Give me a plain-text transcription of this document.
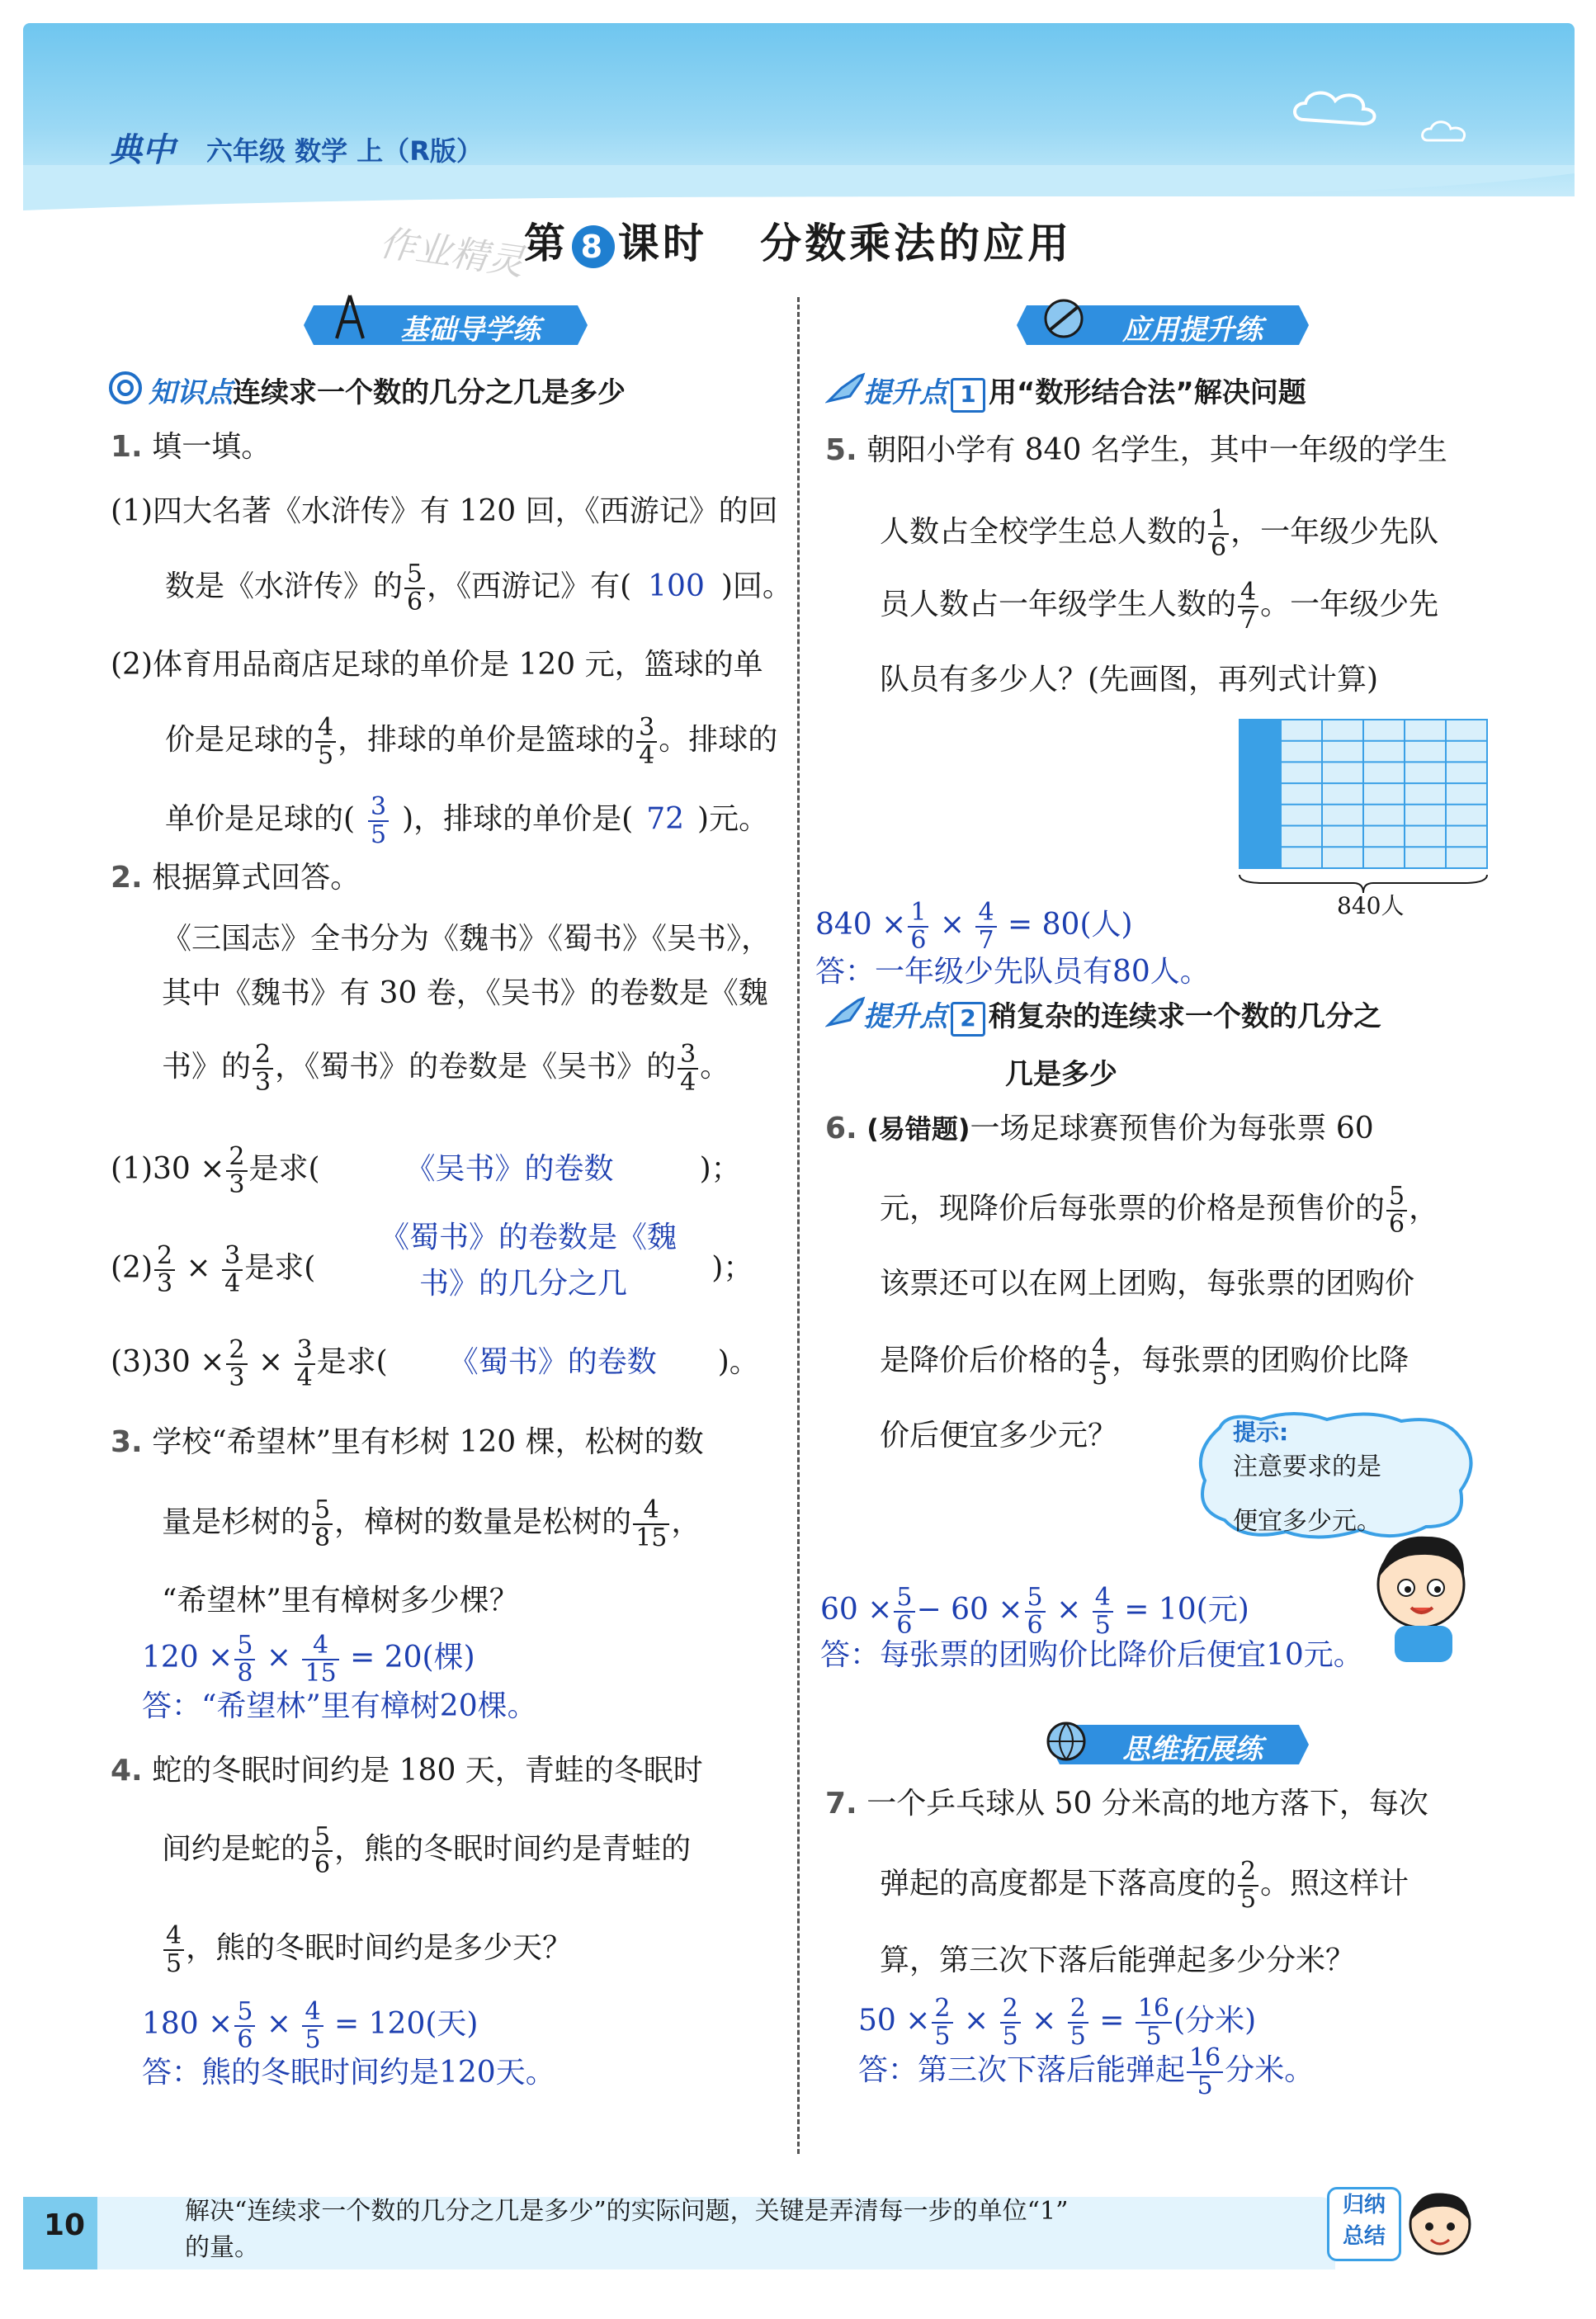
典中 六年级 数学 上（R版）
第 8 课时 分数乘法的应用
作业精灵
基础导学练	应用提升练
知识点连续求一个数的几分之几是多少
1. 填一填。
(1)四大名著《水浒传》有 120 回，《西游记》的回
数是《水浒传》的 $\frac{5}{6}$ ，《西游记》有( 100 )回。
(2)体育用品商店足球的单价是 120 元，篮球的单
价是足球的 $\frac{4}{5}$ ，排球的单价是篮球的 $\frac{3}{4}$ 。排球的
单价是足球的( $\frac{3}{5}$ )，排球的单价是( 72 )元。
2. 根据算式回答。
《三国志》全书分为《魏书》《蜀书》《吴书》，
其中《魏书》有 30 卷，《吴书》的卷数是《魏
书》的 $\frac{2}{3}$ ，《蜀书》的卷数是《吴书》的 $\frac{3}{4}$ 。
$(1)30 \times \frac{2}{3}$ 是求(	《吴书》的卷数	)；
$(2) \frac{2}{3} \times \frac{3}{4}$ 是求(	)；
《蜀书》的卷数是《魏
书》的几分之几
$(3)30 \times \frac{2}{3} \times \frac{3}{4}$ 是求( 《蜀书》的卷数 )。
3. 学校“希望林”里有杉树 120 棵，松树的数
量是杉树的 $\frac{5}{8}$ ，樟树的数量是松树的 $\frac{4}{15}$ ，
“希望林”里有樟树多少棵？
$120 \times \frac{5}{8} \times \frac{4}{15} = 20$(棵)
答：“希望林”里有樟树20棵。
4. 蛇的冬眠时间约是 180 天，青蛙的冬眠时
间约是蛇的 $\frac{5}{6}$ ，熊的冬眠时间约是青蛙的
$\frac{4}{5}$ ，熊的冬眠时间约是多少天？
$180 \times \frac{5}{6} \times \frac{4}{5} = 120$(天)
答：熊的冬眠时间约是120天。
提升点 1 用“数形结合法”解决问题
5. 朝阳小学有 840 名学生，其中一年级的学生
人数占全校学生总人数的 $\frac{1}{6}$ ，一年级少先队
员人数占一年级学生人数的 $\frac{4}{7}$ 。一年级少先
队员有多少人？(先画图，再列式计算)
840人
$840 \times \frac{1}{6} \times \frac{4}{7} = 80$(人)
答：一年级少先队员有80人。
提升点 2 稍复杂的连续求一个数的几分之
几是多少
6. (易错题)一场足球赛预售价为每张票 60
元，现降价后每张票的价格是预售价的 $\frac{5}{6}$ ，
该票还可以在网上团购，每张票的团购价
是降价后价格的 $\frac{4}{5}$ ，每张票的团购价比降
价后便宜多少元？	提示:
注意要求的是
便宜多少元。
$60 \times \frac{5}{6} - 60 \times \frac{5}{6} \times \frac{4}{5} = 10$(元)
答：每张票的团购价比降价后便宜10元。
思维拓展练
7. 一个乒乓球从 50 分米高的地方落下，每次
弹起的高度都是下落高度的 $\frac{2}{5}$ 。照这样计
算，第三次下落后能弹起多少分米？
$50 \times \frac{2}{5} \times \frac{2}{5} \times \frac{2}{5} = \frac{16}{5}$ (分米)
答：第三次下落后能弹起 $\frac{16}{5}$ 分米。
10	解决“连续求一个数的几分之几是多少”的实际问题，关键是弄清每一步的单位“1”
的量。
归纳
总结
